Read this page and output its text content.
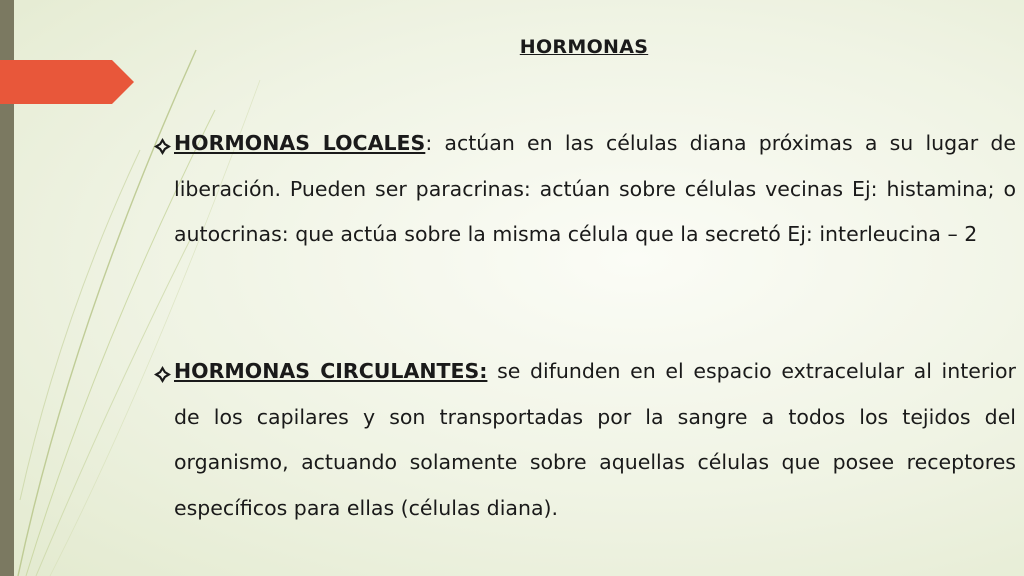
HORMONAS
HORMONAS LOCALES: actúan en las células diana próximas a su lugar de liberación. Pueden ser paracrinas: actúan sobre células vecinas Ej: histamina; o autocrinas: que actúa sobre la misma célula que la secretó Ej: interleucina – 2
HORMONAS CIRCULANTES: se difunden en el espacio extracelular al interior de los capilares y son transportadas por la sangre a todos los tejidos del organismo, actuando solamente sobre aquellas células que posee receptores específicos para ellas (células diana).
